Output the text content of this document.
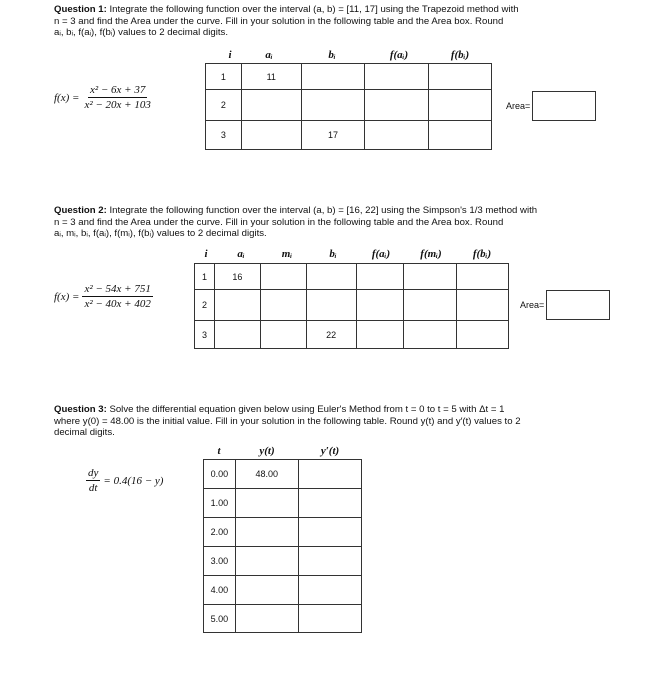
Question 1: Integrate the following function over the interval (a, b) = [11, 17] using the Trapezoid method with
n = 3 and find the Area under the curve. Fill in your solution in the following table and the Area box. Round
aᵢ, bᵢ, f(aᵢ), f(bᵢ) values to 2 decimal digits.
i	aᵢ	bᵢ	f(aᵢ)	f(bᵢ)
$f(x) = \frac{\text{x² − 6x + 37}}{\text{x² − 20x + 103}}$
1	11			
2				
3		17		
Area=
Question 2: Integrate the following function over the interval (a, b) = [16, 22] using the Simpson's 1/3 method with
n = 3 and find the Area under the curve. Fill in your solution in the following table and the Area box. Round
aᵢ, mᵢ, bᵢ, f(aᵢ), f(mᵢ), f(bᵢ) values to 2 decimal digits.
i	aᵢ	mᵢ	bᵢ	f(aᵢ)	f(mᵢ)	f(bᵢ)
$f(x) = \frac{\text{x² − 54x + 751}}{\text{x² − 40x + 402}}$
1	16					
2						
3			22			
Area=
Question 3: Solve the differential equation given below using Euler's Method from t = 0 to t = 5 with Δt = 1
where y(0) = 48.00 is the initial value. Fill in your solution in the following table. Round y(t) and y′(t) values to 2
decimal digits.
t	y(t)	y′(t)
$\frac{dy}{dt} = 0.4(16 - y)$
0.00	48.00	
1.00		
2.00		
3.00		
4.00		
5.00		
